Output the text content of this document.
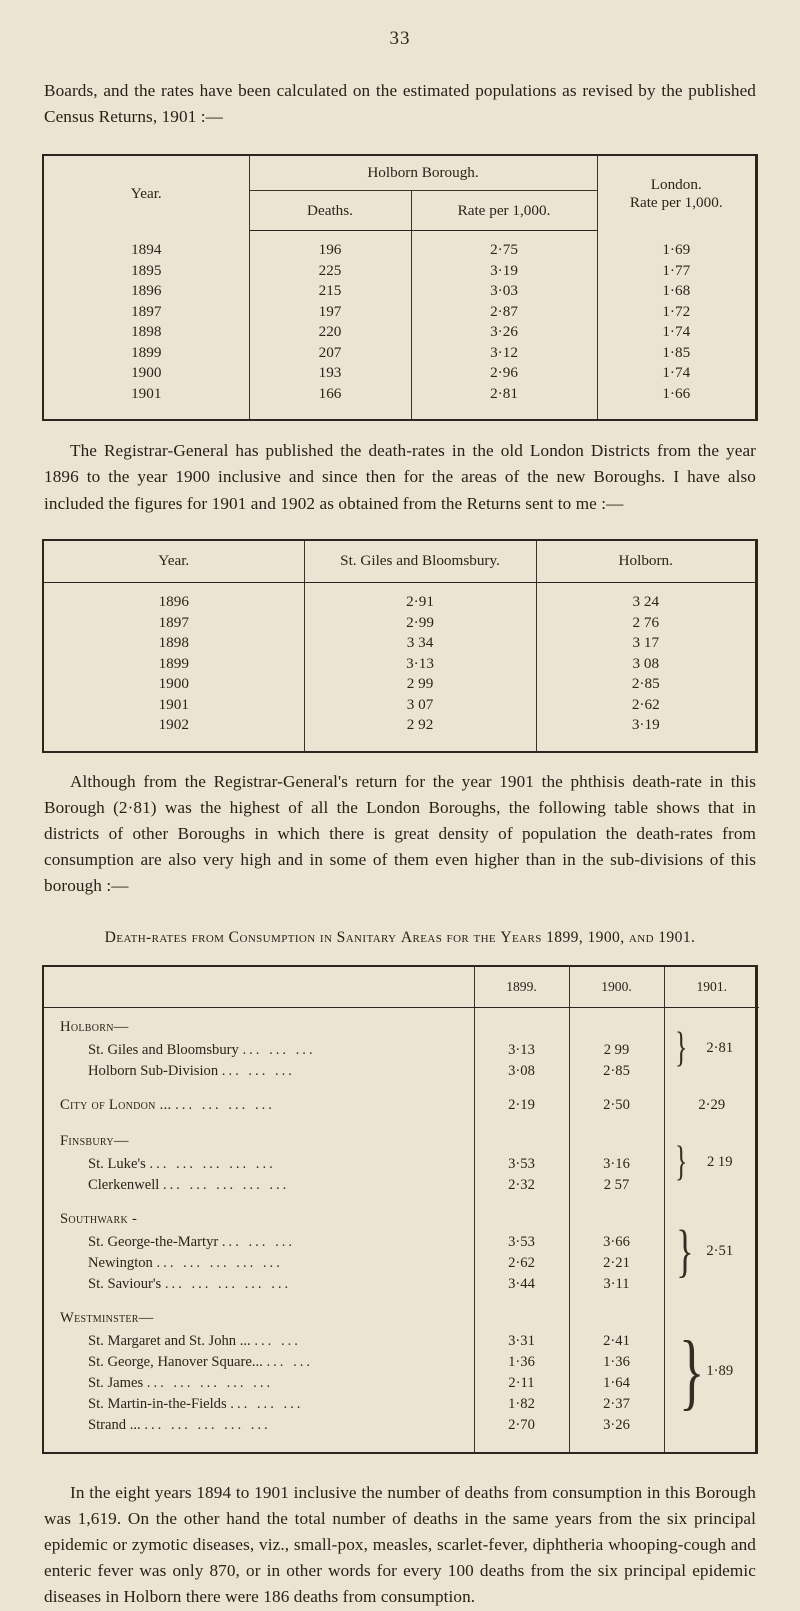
33

Boards, and the rates have been calculated on the estimated populations as revised by the published Census Returns, 1901 :—

Year.	Holborn Borough.		London.
Rate per 1,000.

	Deaths.	Rate per 1,000.	

1894	196	2·75	1·69
1895	225	3·19	1·77
1896	215	3·03	1·68
1897	197	2·87	1·72
1898	220	3·26	1·74
1899	207	3·12	1·85
1900	193	2·96	1·74
1901	166	2·81	1·66

The Registrar-General has published the death-rates in the old London Districts from the year 1896 to the year 1900 inclusive and since then for the areas of the new Boroughs. I have also included the figures for 1901 and 1902 as obtained from the Returns sent to me :—

Year.	St. Giles and Bloomsbury.	Holborn.

1896	2·91	3 24
1897	2·99	2 76
1898	3 34	3 17
1899	3·13	3 08
1900	2 99	2·85
1901	3 07	2·62
1902	2 92	3·19

Although from the Registrar-General's return for the year 1901 the phthisis death-rate in this Borough (2·81) was the highest of all the London Boroughs, the following table shows that in districts of other Boroughs in which there is great density of population the death-rates from consumption are also very high and in some of them even higher than in the sub-divisions of this borough :—

Death-rates from Consumption in Sanitary Areas for the Years 1899, 1900, and 1901.
	1899.	1900.	1901.

Holborn—			} 2·81
St. Giles and Bloomsbury ... ... ...	3·13	2 99	
Holborn Sub-Division ... ... ...	3·08	2·85	

City of London ... ... ... ... ...	2·19	2·50	2·29

Finsbury—			} 2 19
St. Luke's ... ... ... ... ...	3·53	3·16	
Clerkenwell ... ... ... ... ...	2·32	2 57	

Southwark -			} 2·51
St. George-the-Martyr ... ... ...	3·53	3·66	
Newington ... ... ... ... ...	2·62	2·21	
St. Saviour's ... ... ... ... ...	3·44	3·11	

Westminster—			} 1·89
St. Margaret and St. John ... ... ...	3·31	2·41	
St. George, Hanover Square... ... ...	1·36	1·36	
St. James ... ... ... ... ...	2·11	1·64	
St. Martin-in-the-Fields ... ... ...	1·82	2·37	
Strand ... ... ... ... ... ...	2·70	3·26	

In the eight years 1894 to 1901 inclusive the number of deaths from consumption in this Borough was 1,619. On the other hand the total number of deaths in the same years from the six principal epidemic or zymotic diseases, viz., small-pox, measles, scarlet-fever, diphtheria whooping-cough and enteric fever was only 870, or in other words for every 100 deaths from the six principal epidemic diseases in Holborn there were 186 deaths from consumption.
